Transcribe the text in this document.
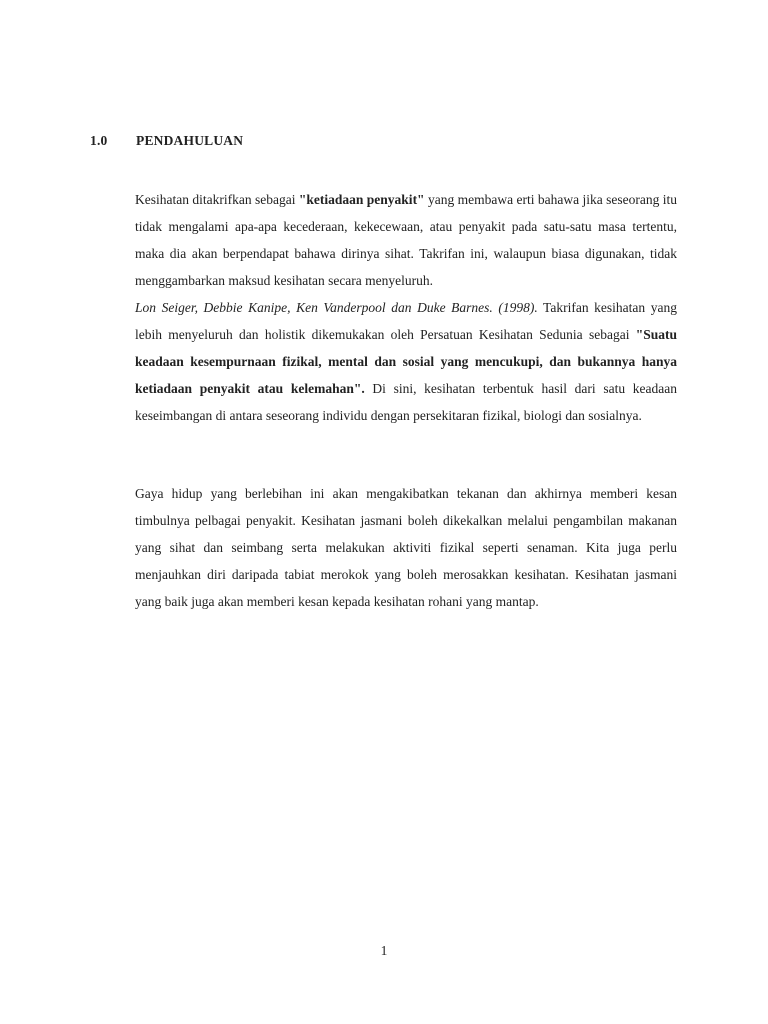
1.0 PENDAHULUAN

Kesihatan ditakrifkan sebagai "ketiadaan penyakit" yang membawa erti bahawa jika seseorang itu tidak mengalami apa-apa kecederaan, kekecewaan, atau penyakit pada satu-satu masa tertentu, maka dia akan berpendapat bahawa dirinya sihat. Takrifan ini, walaupun biasa digunakan, tidak menggambarkan maksud kesihatan secara menyeluruh.
Lon Seiger, Debbie Kanipe, Ken Vanderpool dan Duke Barnes. (1998). Takrifan kesihatan yang lebih menyeluruh dan holistik dikemukakan oleh Persatuan Kesihatan Sedunia sebagai "Suatu keadaan kesempurnaan fizikal, mental dan sosial yang mencukupi, dan bukannya hanya ketiadaan penyakit atau kelemahan". Di sini, kesihatan terbentuk hasil dari satu keadaan keseimbangan di antara seseorang individu dengan persekitaran fizikal, biologi dan sosialnya.

Gaya hidup yang berlebihan ini akan mengakibatkan tekanan dan akhirnya memberi kesan timbulnya pelbagai penyakit. Kesihatan jasmani boleh dikekalkan melalui pengambilan makanan yang sihat dan seimbang serta melakukan aktiviti fizikal seperti senaman. Kita juga perlu menjauhkan diri daripada tabiat merokok yang boleh merosakkan kesihatan. Kesihatan jasmani yang baik juga akan memberi kesan kepada kesihatan rohani yang mantap.

1
